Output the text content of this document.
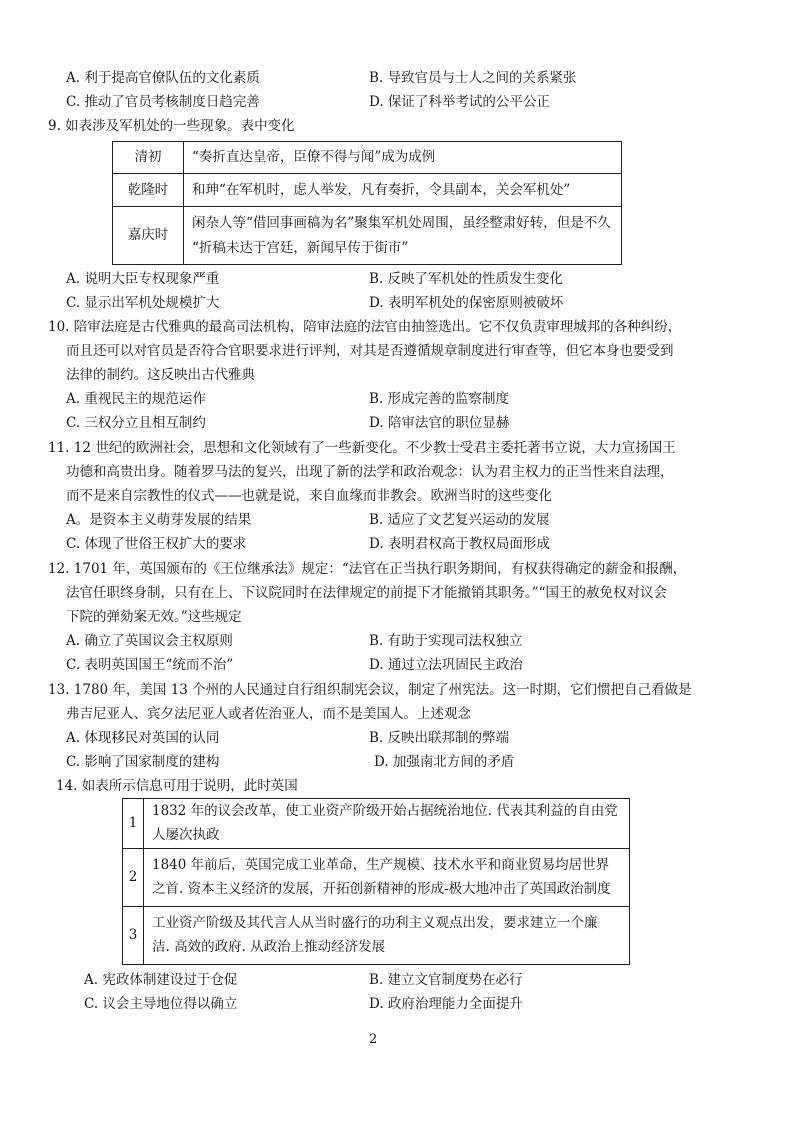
A. 利于提高官僚队伍的文化素质	B. 导致官员与士人之间的关系紧张
C. 推动了官员考核制度日趋完善	D. 保证了科举考试的公平公正
9. 如表涉及军机处的一些现象。表中变化
清初	“奏折直达皇帝，臣僚不得与闻”成为成例

乾隆时	和珅“在军机时，虑人举发，凡有奏折，令具副本，关会军机处”

嘉庆时	闲杂人等“借回事画稿为名”聚集军机处周围，虽经整肃好转，但是不久
“折稿未达于宫廷，新闻早传于街市”
A. 说明大臣专权现象严重	B. 反映了军机处的性质发生变化
C. 显示出军机处规模扩大	D. 表明军机处的保密原则被破坏
10. 陪审法庭是古代雅典的最高司法机构，陪审法庭的法官由抽签选出。它不仅负责审理城邦的各种纠纷，
而且还可以对官员是否符合官职要求进行评判，对其是否遵循规章制度进行审查等，但它本身也要受到
法律的制约。这反映出古代雅典
A. 重视民主的规范运作	B. 形成完善的监察制度
C. 三权分立且相互制约	D. 陪审法官的职位显赫
11. 12 世纪的欧洲社会，思想和文化领域有了一些新变化。不少教士受君主委托著书立说，大力宣扬国王
功德和高贵出身。随着罗马法的复兴，出现了新的法学和政治观念：认为君主权力的正当性来自法理，
而不是来自宗教性的仪式——也就是说，来自血缘而非教会。欧洲当时的这些变化
A。是资本主义萌芽发展的结果	B. 适应了文艺复兴运动的发展
C. 体现了世俗王权扩大的要求	D. 表明君权高于教权局面形成
12. 1701 年，英国颁布的《王位继承法》规定：“法官在正当执行职务期间，有权获得确定的薪金和报酬，
法官任职终身制，只有在上、下议院同时在法律规定的前提下才能撤销其职务。”“国王的赦免权对议会
下院的弹劾案无效。”这些规定
A. 确立了英国议会主权原则	B. 有助于实现司法权独立
C. 表明英国国王“统而不治”	D. 通过立法巩固民主政治
13. 1780 年，美国 13 个州的人民通过自行组织制宪会议，制定了州宪法。这一时期，它们惯把自己看做是
弗吉尼亚人、宾夕法尼亚人或者佐治亚人，而不是美国人。上述观念
A. 体现移民对英国的认同	B. 反映出联邦制的弊端
C. 影响了国家制度的建构	D. 加强南北方间的矛盾
14. 如表所示信息可用于说明，此时英国
1	1832 年的议会改革，使工业资产阶级开始占据统治地位. 代表其利益的自由党
人屡次执政

2	1840 年前后，英国完成工业革命，生产规模、技术水平和商业贸易均居世界
之首. 资本主义经济的发展，开拓创新精神的形成-极大地冲击了英国政治制度

3	工业资产阶级及其代言人从当时盛行的功利主义观点出发，要求建立一个廉
洁. 高效的政府. 从政治上推动经济发展
A. 宪政体制建设过于仓促	B. 建立文官制度势在必行
C. 议会主导地位得以确立	D. 政府治理能力全面提升
2
